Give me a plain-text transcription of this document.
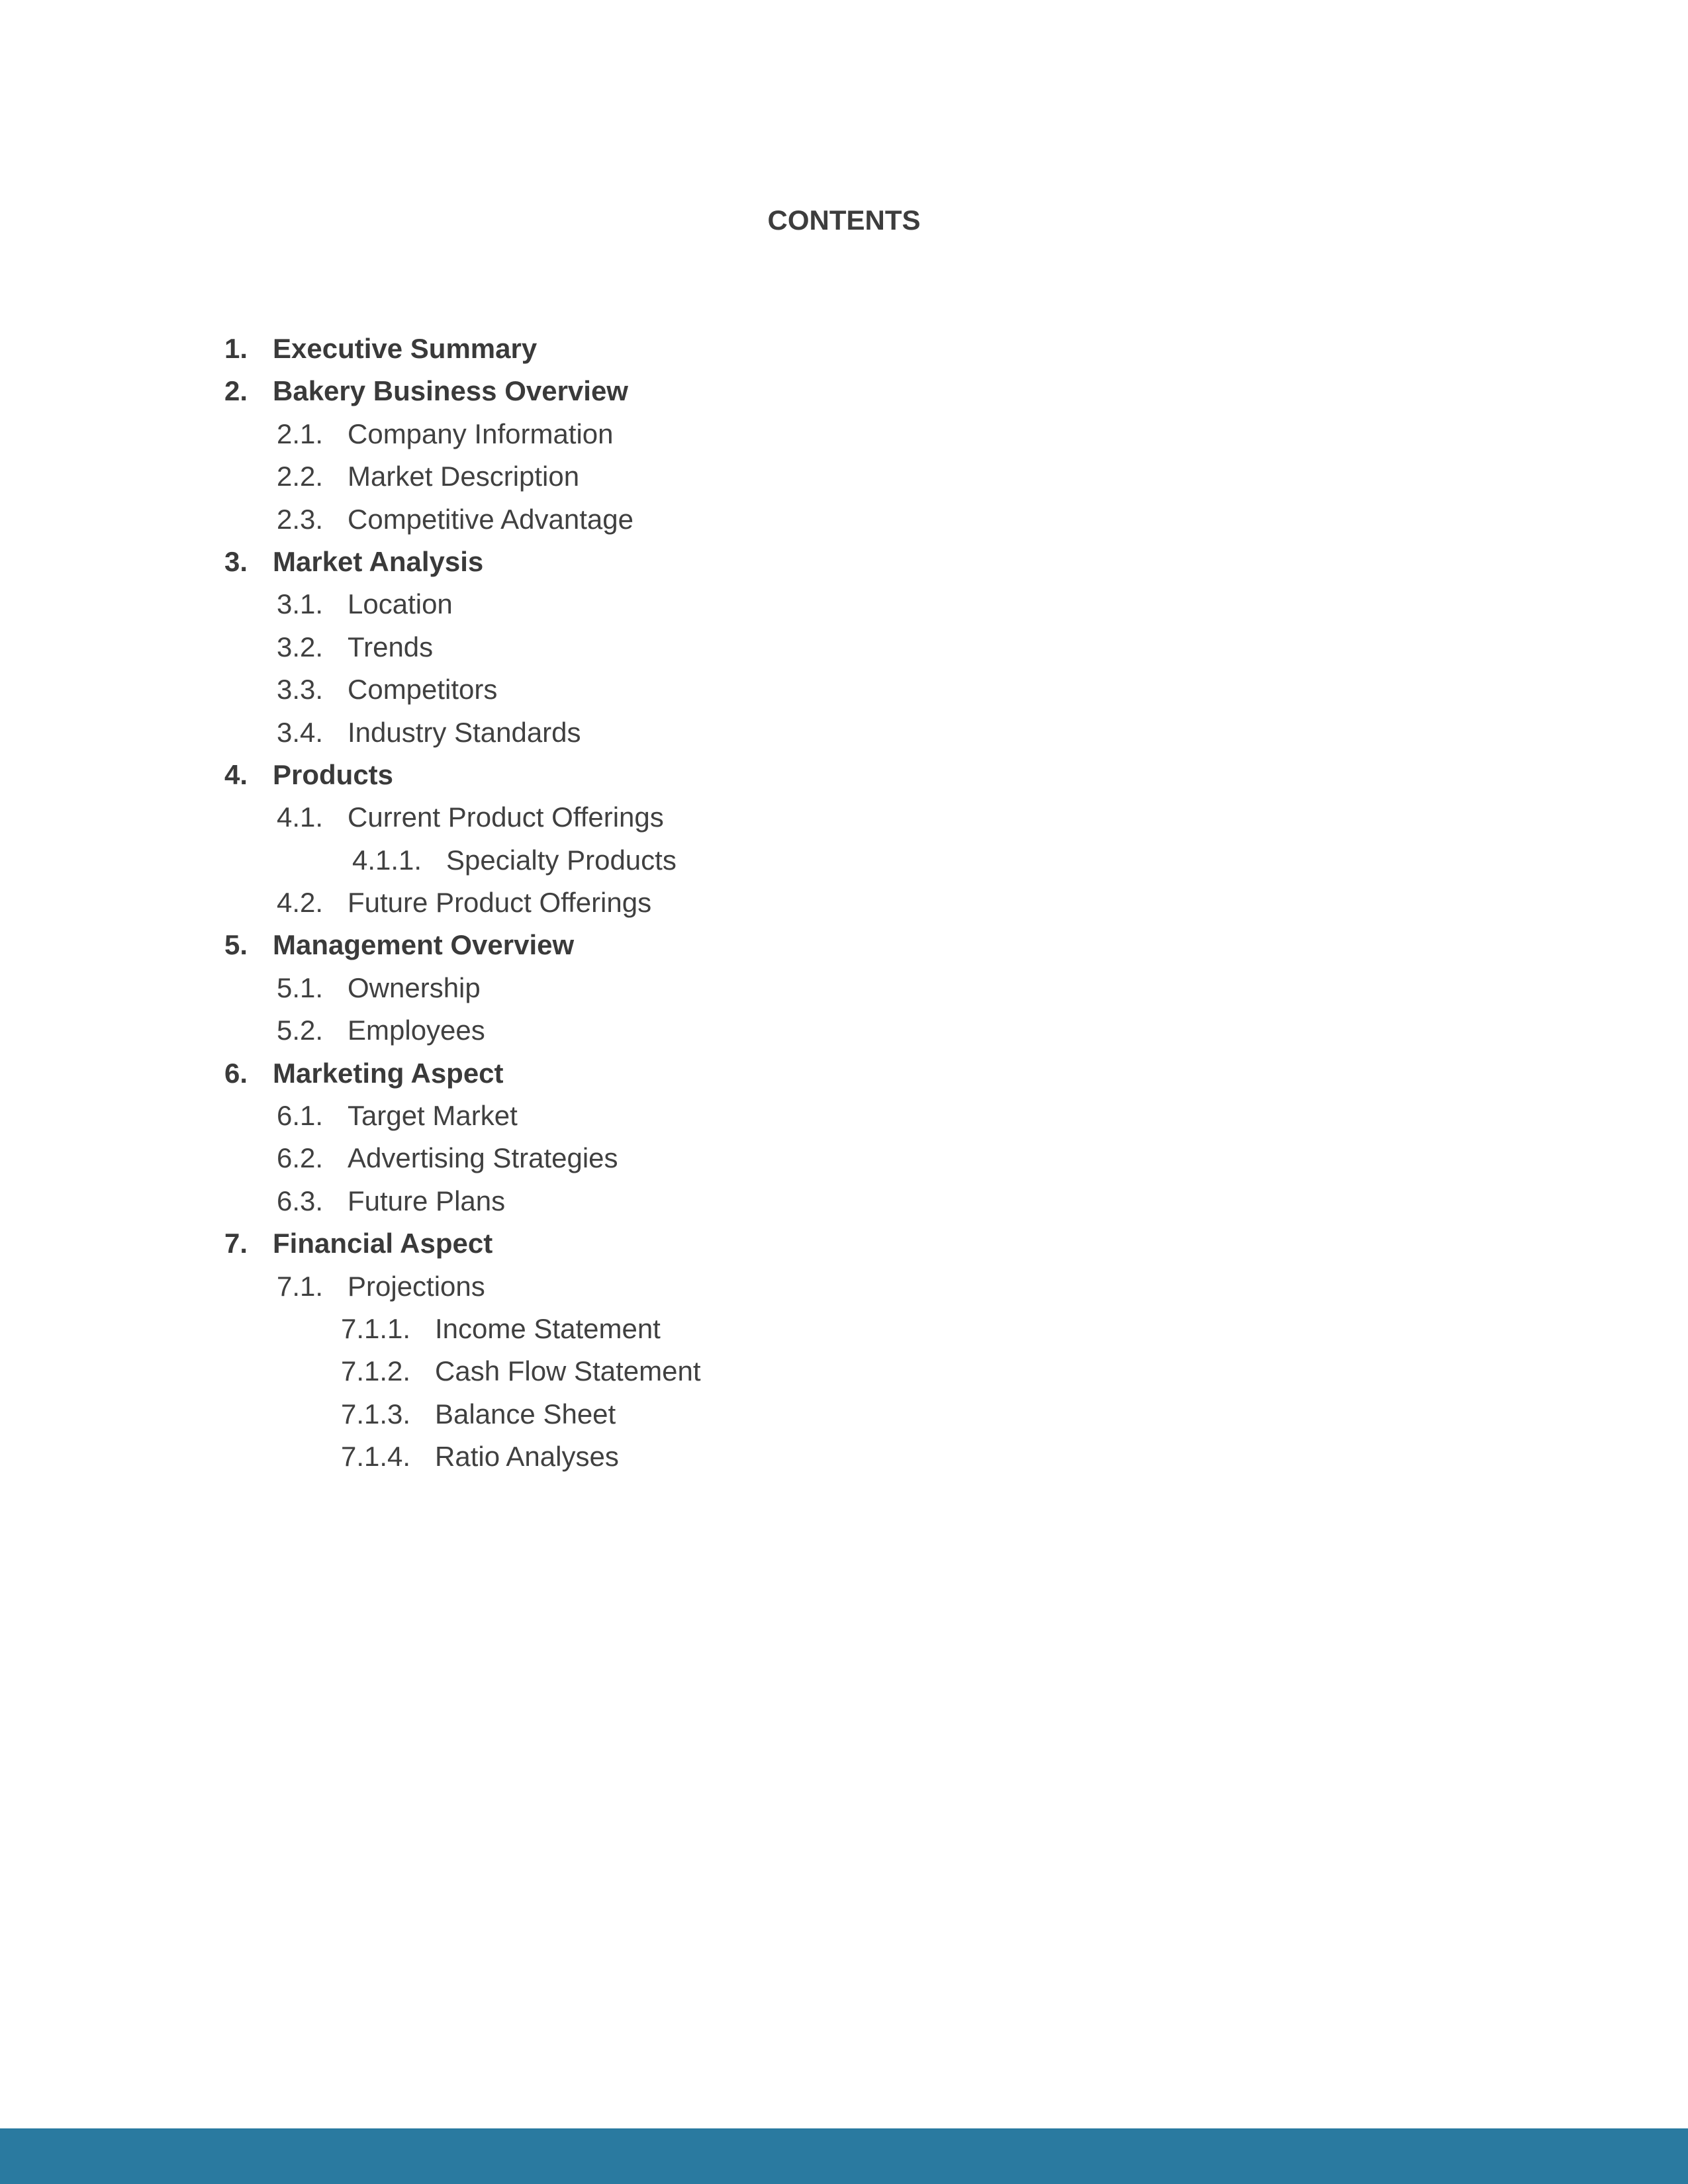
CONTENTS
1. Executive Summary
2. Bakery Business Overview
2.1. Company Information
2.2. Market Description
2.3. Competitive Advantage
3. Market Analysis
3.1. Location
3.2. Trends
3.3. Competitors
3.4. Industry Standards
4. Products
4.1. Current Product Offerings
4.1.1. Specialty Products
4.2. Future Product Offerings
5. Management Overview
5.1. Ownership
5.2. Employees
6. Marketing Aspect
6.1. Target Market
6.2. Advertising Strategies
6.3. Future Plans
7. Financial Aspect
7.1. Projections
7.1.1. Income Statement
7.1.2. Cash Flow Statement
7.1.3. Balance Sheet
7.1.4. Ratio Analyses
